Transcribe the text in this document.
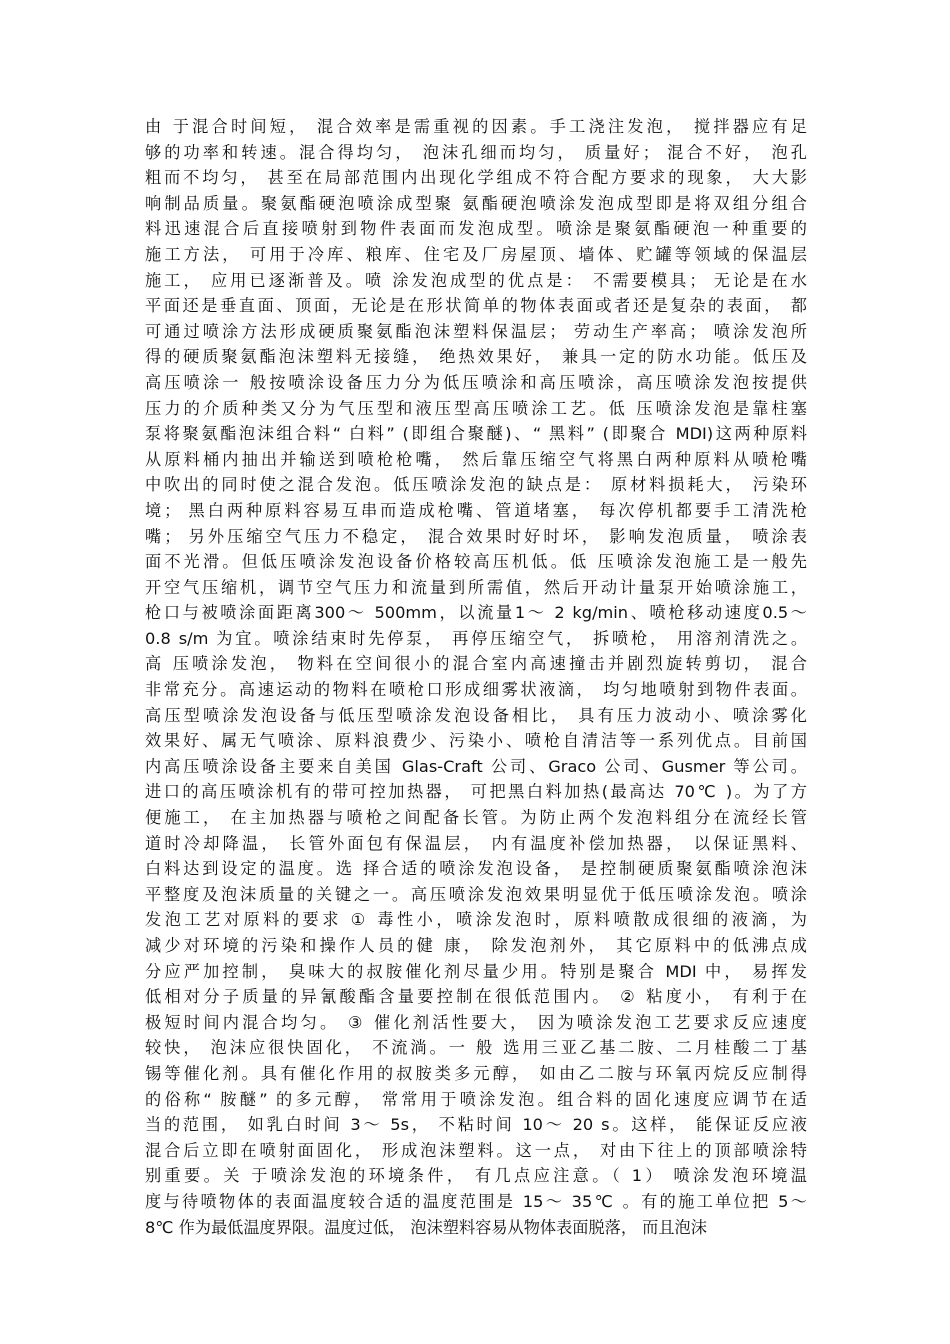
由 于混合时间短， 混合效率是需重视的因素。手工浇注发泡， 搅拌器应有足
够的功率和转速。混合得均匀， 泡沫孔细而均匀， 质量好； 混合不好， 泡孔
粗而不均匀， 甚至在局部范围内出现化学组成不符合配方要求的现象， 大大影
响制品质量。聚氨酯硬泡喷涂成型聚 氨酯硬泡喷涂发泡成型即是将双组分组合
料迅速混合后直接喷射到物件表面而发泡成型。喷涂是聚氨酯硬泡一种重要的
施工方法， 可用于冷库、粮库、住宅及厂房屋顶、墙体、贮罐等领域的保温层
施工， 应用已逐渐普及。喷 涂发泡成型的优点是： 不需要模具； 无论是在水
平面还是垂直面、顶面，无论是在形状简单的物体表面或者还是复杂的表面， 都
可通过喷涂方法形成硬质聚氨酯泡沫塑料保温层； 劳动生产率高； 喷涂发泡所
得的硬质聚氨酯泡沫塑料无接缝， 绝热效果好， 兼具一定的防水功能。低压及
高压喷涂一 般按喷涂设备压力分为低压喷涂和高压喷涂，高压喷涂发泡按提供
压力的介质种类又分为气压型和液压型高压喷涂工艺。低 压喷涂发泡是靠柱塞
泵将聚氨酯泡沫组合料“ 白料” (即组合聚醚)、“ 黑料” (即聚合 MDI)这两种原料
从原料桶内抽出并输送到喷枪枪嘴， 然后靠压缩空气将黑白两种原料从喷枪嘴
中吹出的同时使之混合发泡。低压喷涂发泡的缺点是： 原材料损耗大， 污染环
境； 黑白两种原料容易互串而造成枪嘴、管道堵塞， 每次停机都要手工清洗枪
嘴； 另外压缩空气压力不稳定， 混合效果时好时坏， 影响发泡质量， 喷涂表
面不光滑。但低压喷涂发泡设备价格较高压机低。低 压喷涂发泡施工是一般先
开空气压缩机，调节空气压力和流量到所需值，然后开动计量泵开始喷涂施工，
枪口与被喷涂面距离300～ 500mm，以流量1～ 2 kg/min、喷枪移动速度0.5～
0.8 s/m 为宜。喷涂结束时先停泵， 再停压缩空气， 拆喷枪， 用溶剂清洗之。
高 压喷涂发泡， 物料在空间很小的混合室内高速撞击并剧烈旋转剪切， 混合
非常充分。高速运动的物料在喷枪口形成细雾状液滴， 均匀地喷射到物件表面。
高压型喷涂发泡设备与低压型喷涂发泡设备相比， 具有压力波动小、喷涂雾化
效果好、属无气喷涂、原料浪费少、污染小、喷枪自清洁等一系列优点。目前国
内高压喷涂设备主要来自美国 Glas-Craft 公司、Graco 公司、Gusmer 等公司。
进口的高压喷涂机有的带可控加热器， 可把黑白料加热(最高达 70℃ )。为了方
便施工， 在主加热器与喷枪之间配备长管。为防止两个发泡料组分在流经长管
道时冷却降温， 长管外面包有保温层， 内有温度补偿加热器， 以保证黑料、
白料达到设定的温度。选 择合适的喷涂发泡设备， 是控制硬质聚氨酯喷涂泡沫
平整度及泡沫质量的关键之一。高压喷涂发泡效果明显优于低压喷涂发泡。喷涂
发泡工艺对原料的要求 ① 毒性小，喷涂发泡时，原料喷散成很细的液滴，为
减少对环境的污染和操作人员的健 康， 除发泡剂外， 其它原料中的低沸点成
分应严加控制， 臭味大的叔胺催化剂尽量少用。特别是聚合 MDI 中， 易挥发
低相对分子质量的异氰酸酯含量要控制在很低范围内。 ② 粘度小， 有利于在
极短时间内混合均匀。 ③ 催化剂活性要大， 因为喷涂发泡工艺要求反应速度
较快， 泡沫应很快固化， 不流淌。一 般 选用三亚乙基二胺、二月桂酸二丁基
锡等催化剂。具有催化作用的叔胺类多元醇， 如由乙二胺与环氧丙烷反应制得
的俗称“ 胺醚” 的多元醇， 常常用于喷涂发泡。组合料的固化速度应调节在适
当的范围， 如乳白时间 3～ 5s， 不粘时间 10～ 20 s。这样， 能保证反应液
混合后立即在喷射面固化， 形成泡沫塑料。这一点， 对由下往上的顶部喷涂特
别重要。关 于喷涂发泡的环境条件， 有几点应注意。（ 1） 喷涂发泡环境温
度与待喷物体的表面温度较合适的温度范围是 15～ 35℃ 。有的施工单位把 5～
8℃ 作为最低温度界限。温度过低， 泡沫塑料容易从物体表面脱落， 而且泡沫
